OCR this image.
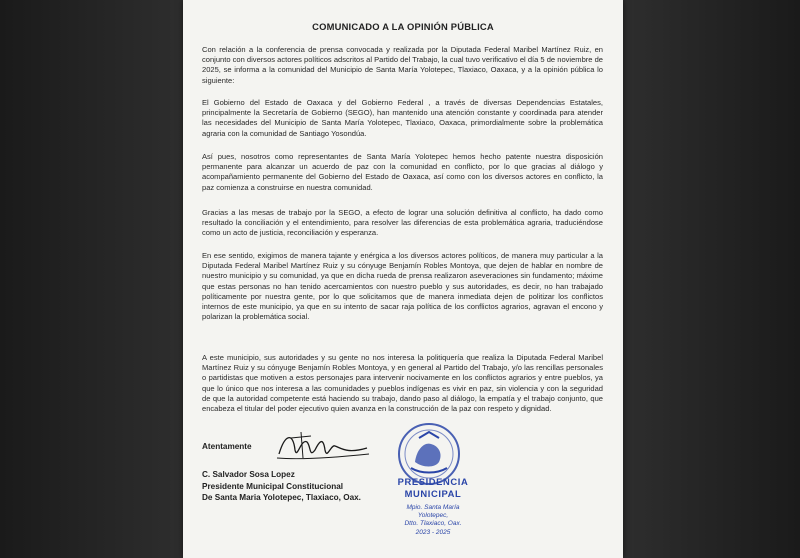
COMUNICADO A LA OPINIÓN PÚBLICA

Con relación a la conferencia de prensa convocada y realizada por la Diputada Federal Maribel Martínez Ruiz, en conjunto con diversos actores políticos adscritos al Partido del Trabajo, la cual tuvo verificativo el día 5 de noviembre de 2025, se informa a la comunidad del Municipio de Santa María Yolotepec, Tlaxiaco, Oaxaca, y a la opinión pública lo siguiente:

El Gobierno del Estado de Oaxaca y del Gobierno Federal , a través de diversas Dependencias Estatales, principalmente la Secretaría de Gobierno (SEGO), han mantenido una atención constante y coordinada para atender las necesidades del Municipio de Santa María Yolotepec, Tlaxiaco, Oaxaca, primordialmente sobre la problemática agraria con la comunidad de Santiago Yosondúa.

Así pues, nosotros como representantes de Santa María Yolotepec hemos hecho patente nuestra disposición permanente para alcanzar un acuerdo de paz con la comunidad en conflicto, por lo que gracias al diálogo y acompañamiento permanente del Gobierno del Estado de Oaxaca, así como con los diversos actores en conflicto, la paz comienza a construirse en nuestra comunidad.

Gracias a las mesas de trabajo por la SEGO, a efecto de lograr una solución definitiva al conflicto, ha dado como resultado la conciliación y el entendimiento, para resolver las diferencias de esta problemática agraria, traduciéndose como un acto de justicia, reconciliación y esperanza.

En ese sentido, exigimos de manera tajante y enérgica a los diversos actores políticos, de manera muy particular a la Diputada Federal Maribel Martínez Ruiz y su cónyuge Benjamín Robles Montoya, que dejen de hablar en nombre de nuestro municipio y su comunidad, ya que en dicha rueda de prensa realizaron aseveraciones sin fundamento; máxime que estas personas no han tenido acercamientos con nuestro pueblo y sus autoridades, es decir, no han trabajado políticamente por nuestra gente, por lo que solicitamos que de manera inmediata dejen de politizar los conflictos internos de este municipio, ya que en su intento de sacar raja política de los conflictos agrarios, agravan el encono y polarizan la problemática social.

A este municipio, sus autoridades y su gente no nos interesa la politiquería que realiza la Diputada Federal Maribel Martínez Ruiz y su cónyuge Benjamín Robles Montoya, y en general al Partido del Trabajo, y/o las rencillas personales o partidistas que motiven a estos personajes para intervenir nocivamente en los conflictos agrarios y entre pueblos, ya que lo único que nos interesa a las comunidades y pueblos indígenas es vivir en paz, sin violencia y con la seguridad de que la autoridad competente está haciendo su trabajo, dando paso al diálogo, la empatía y el trabajo conjunto, que encabeza el titular del poder ejecutivo quien avanza en la construcción de la paz con respeto y dignidad.

Atentamente
C. Salvador Sosa Lopez
Presidente Municipal Constitucional
De Santa Maria Yolotepec, Tlaxiaco, Oax.
PRESIDENCIA
MUNICIPAL
Mpio. Santa María
Yolotepec,
Dtto. Tlaxiaco, Oax.
2023 - 2025
